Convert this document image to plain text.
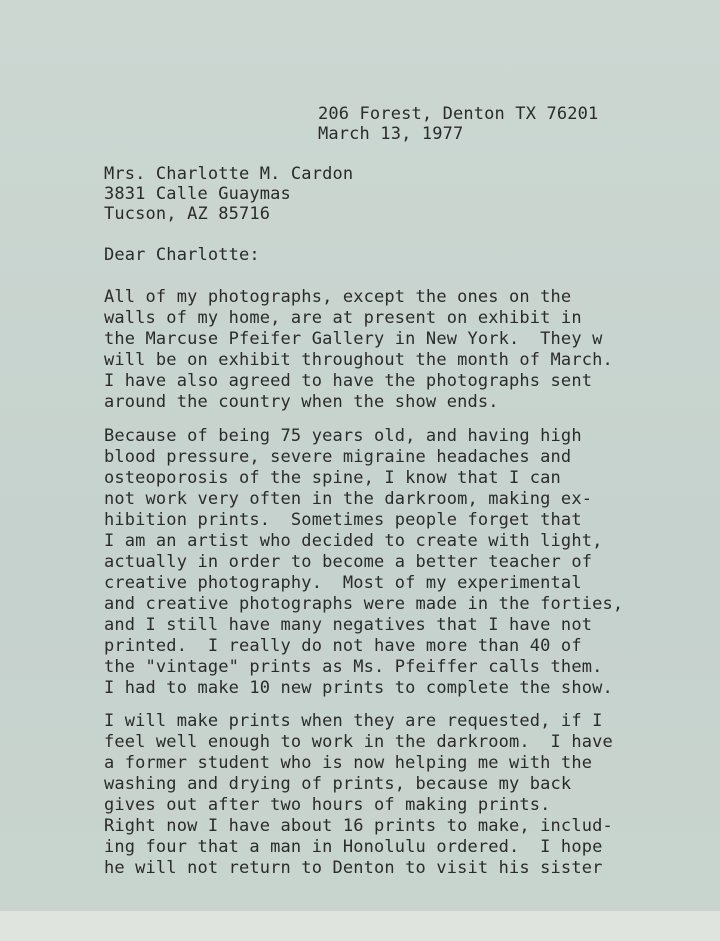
206 Forest, Denton TX 76201
March 13, 1977
Mrs. Charlotte M. Cardon
3831 Calle Guaymas
Tucson, AZ 85716
Dear Charlotte:
All of my photographs, except the ones on the
walls of my home, are at present on exhibit in
the Marcuse Pfeifer Gallery in New York.  They w
will be on exhibit throughout the month of March.
I have also agreed to have the photographs sent
around the country when the show ends.
Because of being 75 years old, and having high
blood pressure, severe migraine headaches and
osteoporosis of the spine, I know that I can
not work very often in the darkroom, making ex-
hibition prints.  Sometimes people forget that
I am an artist who decided to create with light,
actually in order to become a better teacher of
creative photography.  Most of my experimental
and creative photographs were made in the forties,
and I still have many negatives that I have not
printed.  I really do not have more than 40 of
the "vintage" prints as Ms. Pfeiffer calls them.
I had to make 10 new prints to complete the show.
I will make prints when they are requested, if I
feel well enough to work in the darkroom.  I have
a former student who is now helping me with the
washing and drying of prints, because my back
gives out after two hours of making prints.
Right now I have about 16 prints to make, includ-
ing four that a man in Honolulu ordered.  I hope
he will not return to Denton to visit his sister
